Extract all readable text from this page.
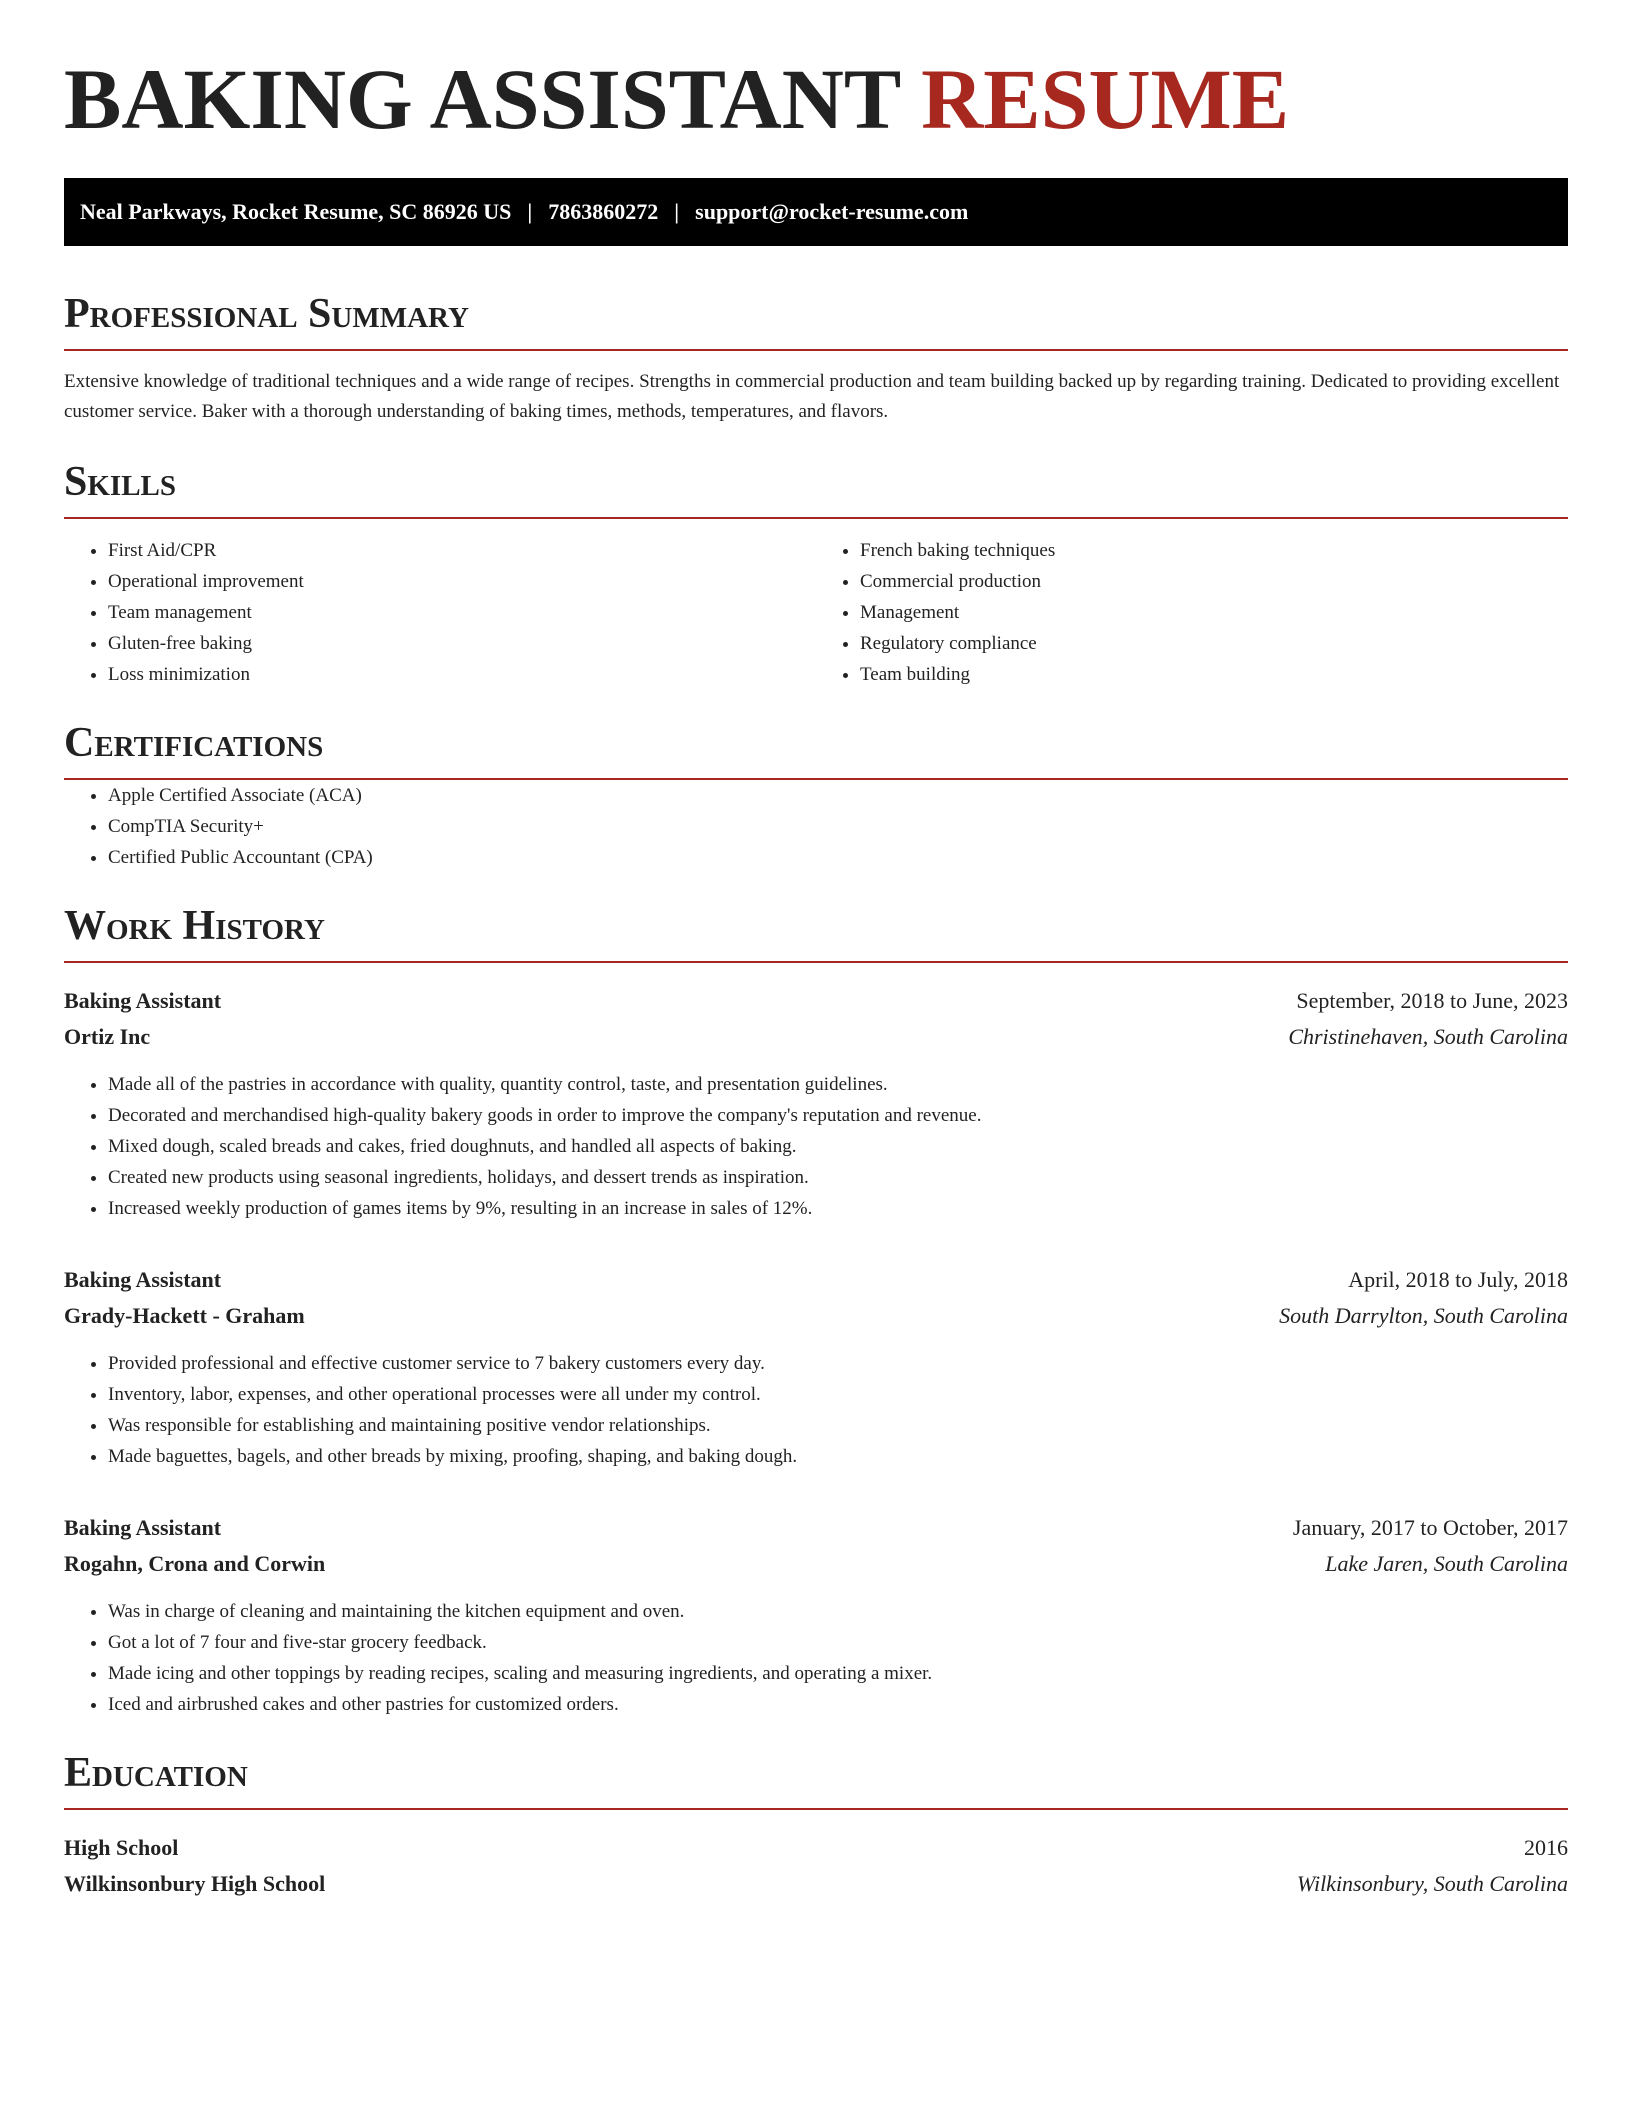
BAKING ASSISTANT RESUME
Neal Parkways, Rocket Resume, SC 86926 US | 7863860272 | support@rocket-resume.com
Professional Summary

Extensive knowledge of traditional techniques and a wide range of recipes. Strengths in commercial production and team building backed up by regarding training. Dedicated to providing excellent customer service. Baker with a thorough understanding of baking times, methods, temperatures, and flavors.

Skills
• First Aid/CPR
• Operational improvement
• Team management
• Gluten-free baking
• Loss minimization
• French baking techniques
• Commercial production
• Management
• Regulatory compliance
• Team building
Certifications
• Apple Certified Associate (ACA)
• CompTIA Security+
• Certified Public Accountant (CPA)
Work History
Baking Assistant	September, 2018 to June, 2023
Ortiz Inc	Christinehaven, South Carolina
• Made all of the pastries in accordance with quality, quantity control, taste, and presentation guidelines.
• Decorated and merchandised high-quality bakery goods in order to improve the company's reputation and revenue.
• Mixed dough, scaled breads and cakes, fried doughnuts, and handled all aspects of baking.
• Created new products using seasonal ingredients, holidays, and dessert trends as inspiration.
• Increased weekly production of games items by 9%, resulting in an increase in sales of 12%.
Baking Assistant	April, 2018 to July, 2018
Grady-Hackett - Graham	South Darrylton, South Carolina
• Provided professional and effective customer service to 7 bakery customers every day.
• Inventory, labor, expenses, and other operational processes were all under my control.
• Was responsible for establishing and maintaining positive vendor relationships.
• Made baguettes, bagels, and other breads by mixing, proofing, shaping, and baking dough.
Baking Assistant	January, 2017 to October, 2017
Rogahn, Crona and Corwin	Lake Jaren, South Carolina
• Was in charge of cleaning and maintaining the kitchen equipment and oven.
• Got a lot of 7 four and five-star grocery feedback.
• Made icing and other toppings by reading recipes, scaling and measuring ingredients, and operating a mixer.
• Iced and airbrushed cakes and other pastries for customized orders.
Education
High School	2016
Wilkinsonbury High School	Wilkinsonbury, South Carolina
